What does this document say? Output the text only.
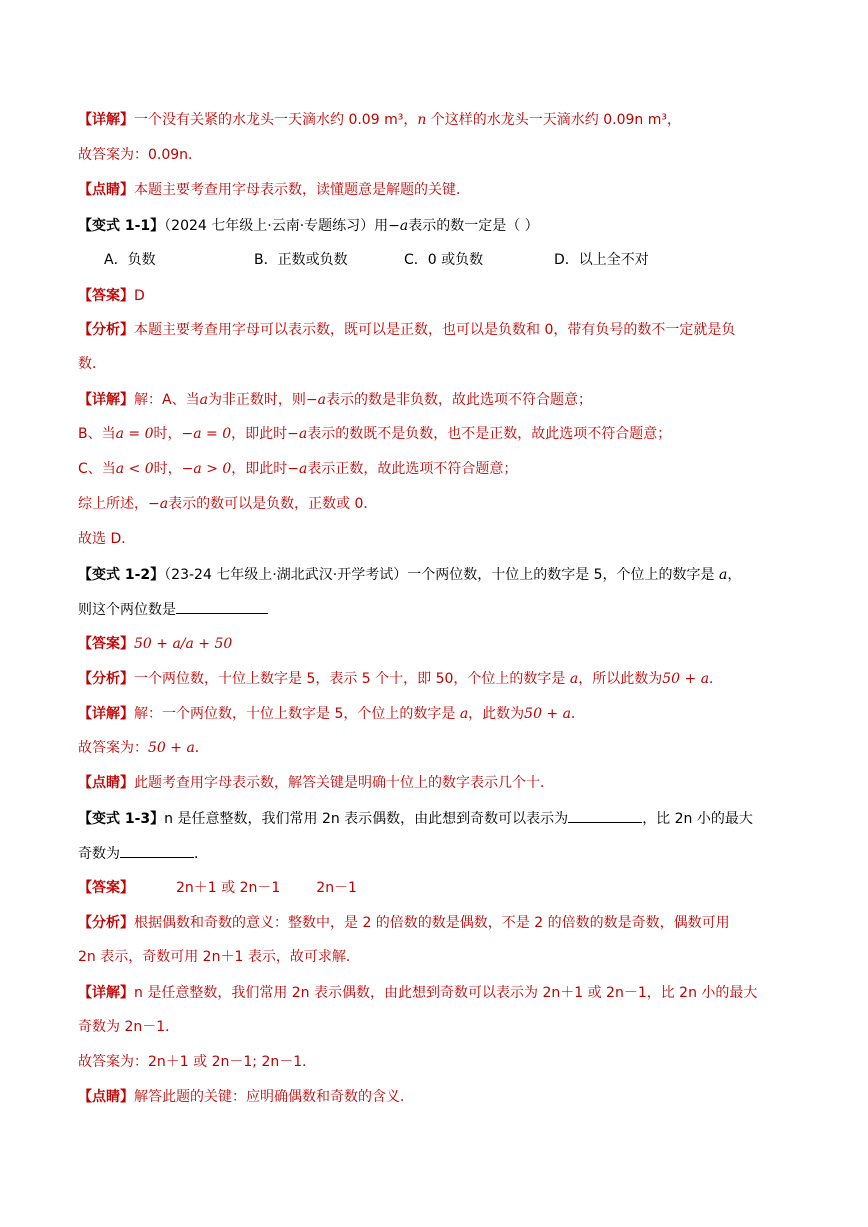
【详解】一个没有关紧的水龙头一天滴水约 0.09 m³，n 个这样的水龙头一天滴水约 0.09n m³，
故答案为：0.09n．
【点睛】本题主要考查用字母表示数，读懂题意是解题的关键．
【变式 1-1】（2024 七年级上·云南·专题练习）用−a表示的数一定是（ ）
A．负数	B．正数或负数	C．0 或负数	D．以上全不对
【答案】D
【分析】本题主要考查用字母可以表示数，既可以是正数，也可以是负数和 0，带有负号的数不一定就是负
数．
【详解】解：A、当a为非正数时，则−a表示的数是非负数，故此选项不符合题意；
B、当a = 0时，−a = 0，即此时−a表示的数既不是负数，也不是正数，故此选项不符合题意；
C、当a < 0时，−a > 0，即此时−a表示正数，故此选项不符合题意；
综上所述，−a表示的数可以是负数，正数或 0．
故选 D．
【变式 1-2】（23-24 七年级上·湖北武汉·开学考试）一个两位数，十位上的数字是 5，个位上的数字是 a，
则这个两位数是
【答案】50 + a/a + 50
【分析】一个两位数，十位上数字是 5，表示 5 个十，即 50，个位上的数字是 a，所以此数为50 + a．
【详解】解：一个两位数，十位上数字是 5，个位上的数字是 a，此数为50 + a．
故答案为：50 + a．
【点睛】此题考查用字母表示数，解答关键是明确十位上的数字表示几个十．
【变式 1-3】n 是任意整数，我们常用 2n 表示偶数，由此想到奇数可以表示为	，比 2n 小的最大
奇数为	．
【答案】	2n＋1 或 2n－1	2n－1
【分析】根据偶数和奇数的意义：整数中，是 2 的倍数的数是偶数，不是 2 的倍数的数是奇数，偶数可用
2n 表示，奇数可用 2n＋1 表示，故可求解．
【详解】n 是任意整数，我们常用 2n 表示偶数，由此想到奇数可以表示为 2n＋1 或 2n－1，比 2n 小的最大
奇数为 2n－1．
故答案为：2n＋1 或 2n－1; 2n－1．
【点睛】解答此题的关键：应明确偶数和奇数的含义．
